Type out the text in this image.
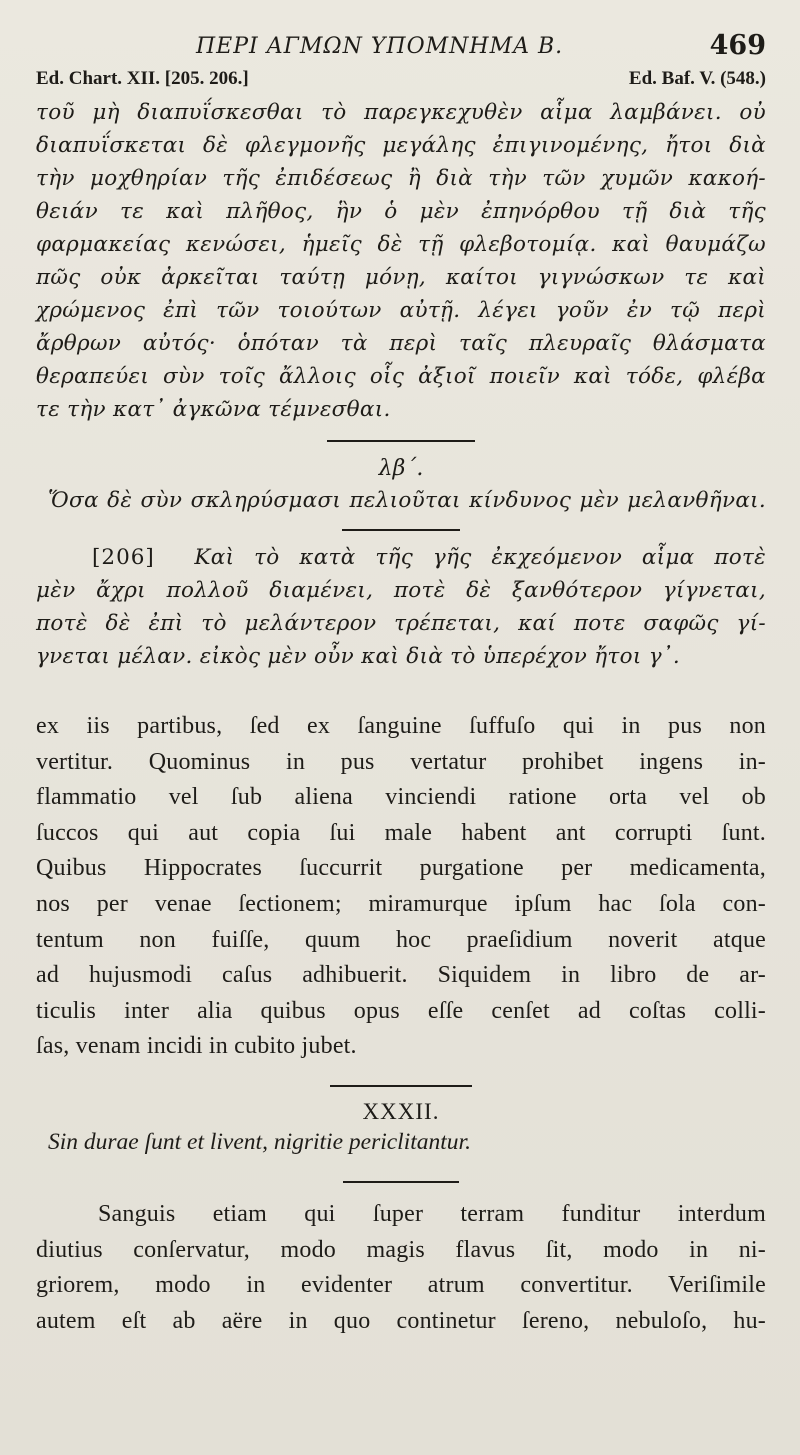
ΠΕΡΙ ΑΓΜΩΝ ΥΠΟΜΝΗΜΑ Β.	469
Ed. Chart. XII. [205. 206.]	Ed. Baf. V. (548.)
τοῦ μὴ διαπυΐσκεσθαι τὸ παρεγκεχυθὲν αἷμα λαμβάνει. οὐ
διαπυΐσκεται δὲ φλεγμονῆς μεγάλης ἐπιγινομένης, ἤτοι διὰ
τὴν μοχθηρίαν τῆς ἐπιδέσεως ἢ διὰ τὴν τῶν χυμῶν κακοή-
θειάν τε καὶ πλῆθος, ἣν ὁ μὲν ἐπηνόρθου τῇ διὰ τῆς
φαρμακείας κενώσει, ἡμεῖς δὲ τῇ φλεβοτομίᾳ. καὶ θαυμάζω
πῶς οὐκ ἀρκεῖται ταύτῃ μόνῃ, καίτοι γιγνώσκων τε καὶ
χρώμενος ἐπὶ τῶν τοιούτων αὐτῇ. λέγει γοῦν ἐν τῷ περὶ
ἄρθρων αὐτός· ὁπόταν τὰ περὶ ταῖς πλευραῖς θλάσματα
θεραπεύει σὺν τοῖς ἄλλοις οἷς ἀξιοῖ ποιεῖν καὶ τόδε, φλέβα
τε τὴν κατ᾽ ἀγκῶνα τέμνεσθαι.
λβ΄.
Ὅσα δὲ σὺν σκληρύσμασι πελιοῦται κίνδυνος μὲν μελανθῆναι.
[206] Καὶ τὸ κατὰ τῆς γῆς ἐκχεόμενον αἷμα ποτὲ
μὲν ἄχρι πολλοῦ διαμένει, ποτὲ δὲ ξανθότερον γίγνεται,
ποτὲ δὲ ἐπὶ τὸ μελάντερον τρέπεται, καί ποτε σαφῶς γί-
γνεται μέλαν. εἰκὸς μὲν οὖν καὶ διὰ τὸ ὑπερέχον ἤτοι γ᾽.
ex iis partibus, ſed ex ſanguine ſuffuſo qui in pus non
vertitur. Quominus in pus vertatur prohibet ingens in-
flammatio vel ſub aliena vinciendi ratione orta vel ob
ſuccos qui aut copia ſui male habent ant corrupti ſunt.
Quibus Hippocrates ſuccurrit purgatione per medicamenta,
nos per venae ſectionem; miramurque ipſum hac ſola con-
tentum non fuiſſe, quum hoc praeſidium noverit atque
ad hujusmodi caſus adhibuerit. Siquidem in libro de ar-
ticulis inter alia quibus opus eſſe cenſet ad coſtas colli-
ſas, venam incidi in cubito jubet.
XXXII.
Sin durae ſunt et livent, nigritie periclitantur.
Sanguis etiam qui ſuper terram funditur interdum
diutius conſervatur, modo magis flavus ſit, modo in ni-
griorem, modo in evidenter atrum convertitur. Veriſimile
autem eſt ab aëre in quo continetur ſereno, nebuloſo, hu-
